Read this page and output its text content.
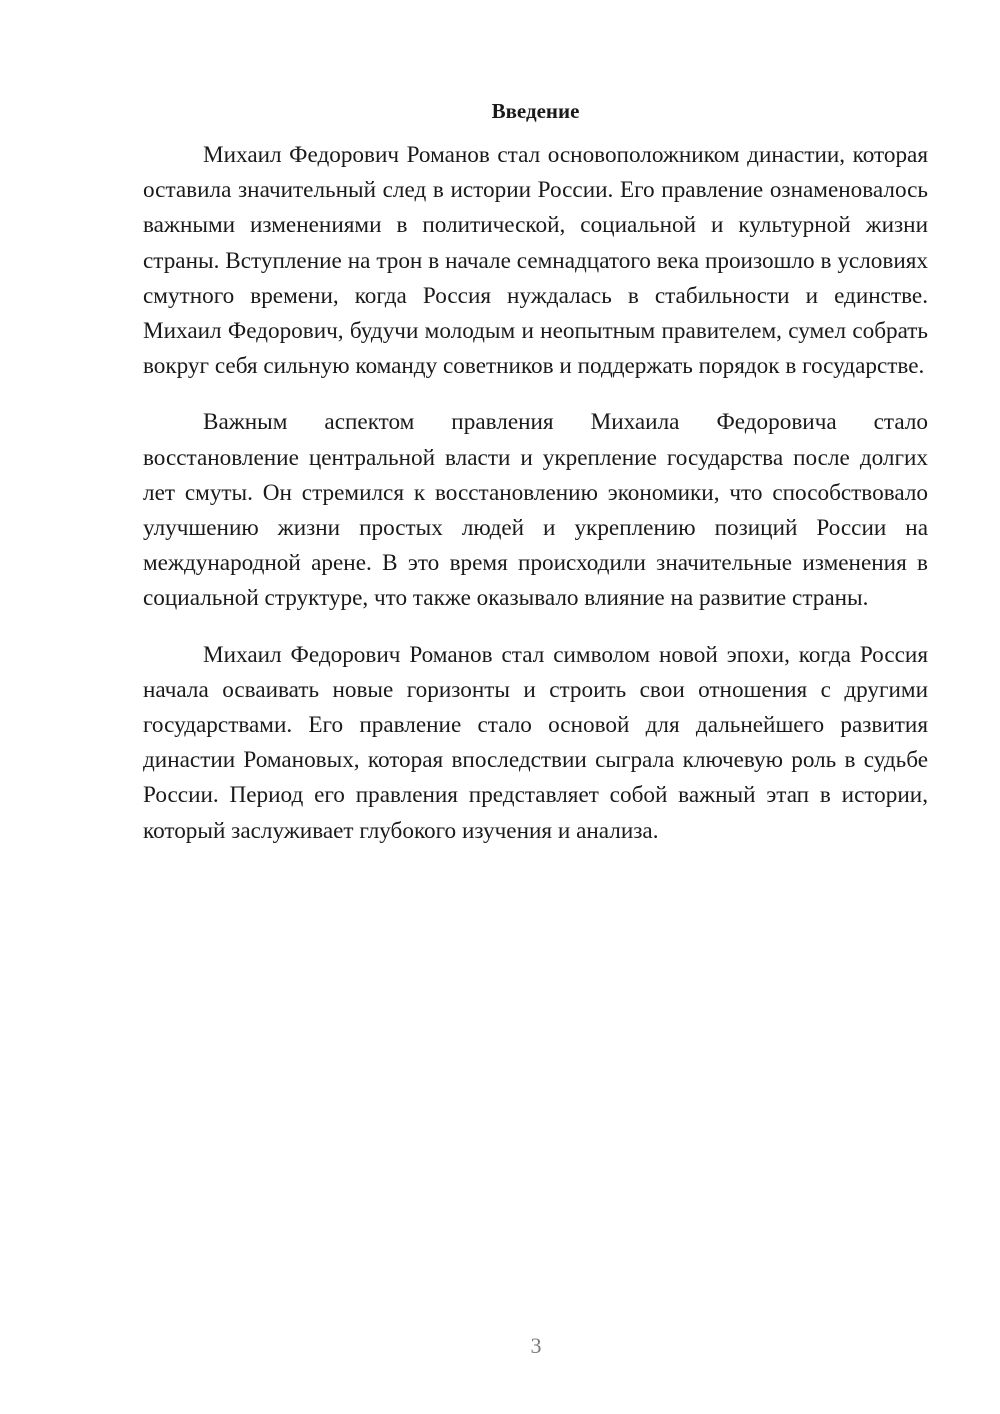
Введение

Михаил Федорович Романов стал основоположником династии, которая оставила значительный след в истории России. Его правление ознаменовалось важными изменениями в политической, социальной и культурной жизни страны. Вступление на трон в начале семнадцатого века произошло в условиях смутного времени, когда Россия нуждалась в стабильности и единстве. Михаил Федорович, будучи молодым и неопытным правителем, сумел собрать вокруг себя сильную команду советников и поддержать порядок в государстве.

Важным аспектом правления Михаила Федоровича стало восстановление центральной власти и укрепление государства после долгих лет смуты. Он стремился к восстановлению экономики, что способствовало улучшению жизни простых людей и укреплению позиций России на международной арене. В это время происходили значительные изменения в социальной структуре, что также оказывало влияние на развитие страны.

Михаил Федорович Романов стал символом новой эпохи, когда Россия начала осваивать новые горизонты и строить свои отношения с другими государствами. Его правление стало основой для дальнейшего развития династии Романовых, которая впоследствии сыграла ключевую роль в судьбе России. Период его правления представляет собой важный этап в истории, который заслуживает глубокого изучения и анализа.

3
